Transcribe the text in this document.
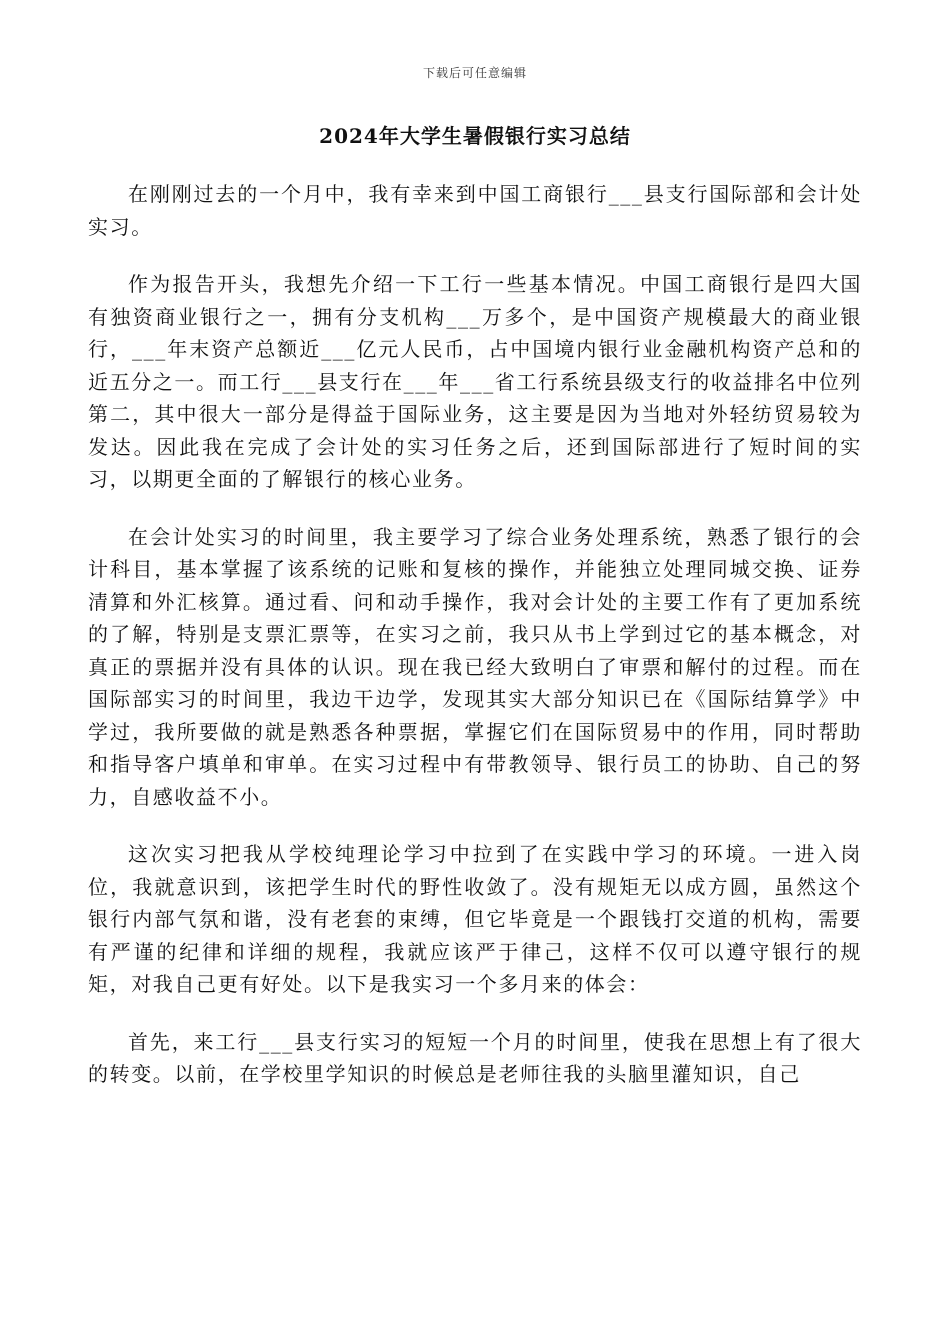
下载后可任意编辑
2024年大学生暑假银行实习总结

在刚刚过去的一个月中，我有幸来到中国工商银行___县支行国际部和会计处实习。

作为报告开头，我想先介绍一下工行一些基本情况。中国工商银行是四大国有独资商业银行之一，拥有分支机构___万多个，是中国资产规模最大的商业银行，___年末资产总额近___亿元人民币，占中国境内银行业金融机构资产总和的近五分之一。而工行___县支行在___年___省工行系统县级支行的收益排名中位列第二，其中很大一部分是得益于国际业务，这主要是因为当地对外轻纺贸易较为发达。因此我在完成了会计处的实习任务之后，还到国际部进行了短时间的实习，以期更全面的了解银行的核心业务。

在会计处实习的时间里，我主要学习了综合业务处理系统，熟悉了银行的会计科目，基本掌握了该系统的记账和复核的操作，并能独立处理同城交换、证券清算和外汇核算。通过看、问和动手操作，我对会计处的主要工作有了更加系统的了解，特别是支票汇票等，在实习之前，我只从书上学到过它的基本概念，对真正的票据并没有具体的认识。现在我已经大致明白了审票和解付的过程。而在国际部实习的时间里，我边干边学，发现其实大部分知识已在《国际结算学》中学过，我所要做的就是熟悉各种票据，掌握它们在国际贸易中的作用，同时帮助和指导客户填单和审单。在实习过程中有带教领导、银行员工的协助、自己的努力，自感收益不小。

这次实习把我从学校纯理论学习中拉到了在实践中学习的环境。一进入岗位，我就意识到，该把学生时代的野性收敛了。没有规矩无以成方圆，虽然这个银行内部气氛和谐，没有老套的束缚，但它毕竟是一个跟钱打交道的机构，需要有严谨的纪律和详细的规程，我就应该严于律己，这样不仅可以遵守银行的规矩，对我自己更有好处。以下是我实习一个多月来的体会：

首先，来工行___县支行实习的短短一个月的时间里，使我在思想上有了很大的转变。以前，在学校里学知识的时候总是老师往我的头脑里灌知识，自己
